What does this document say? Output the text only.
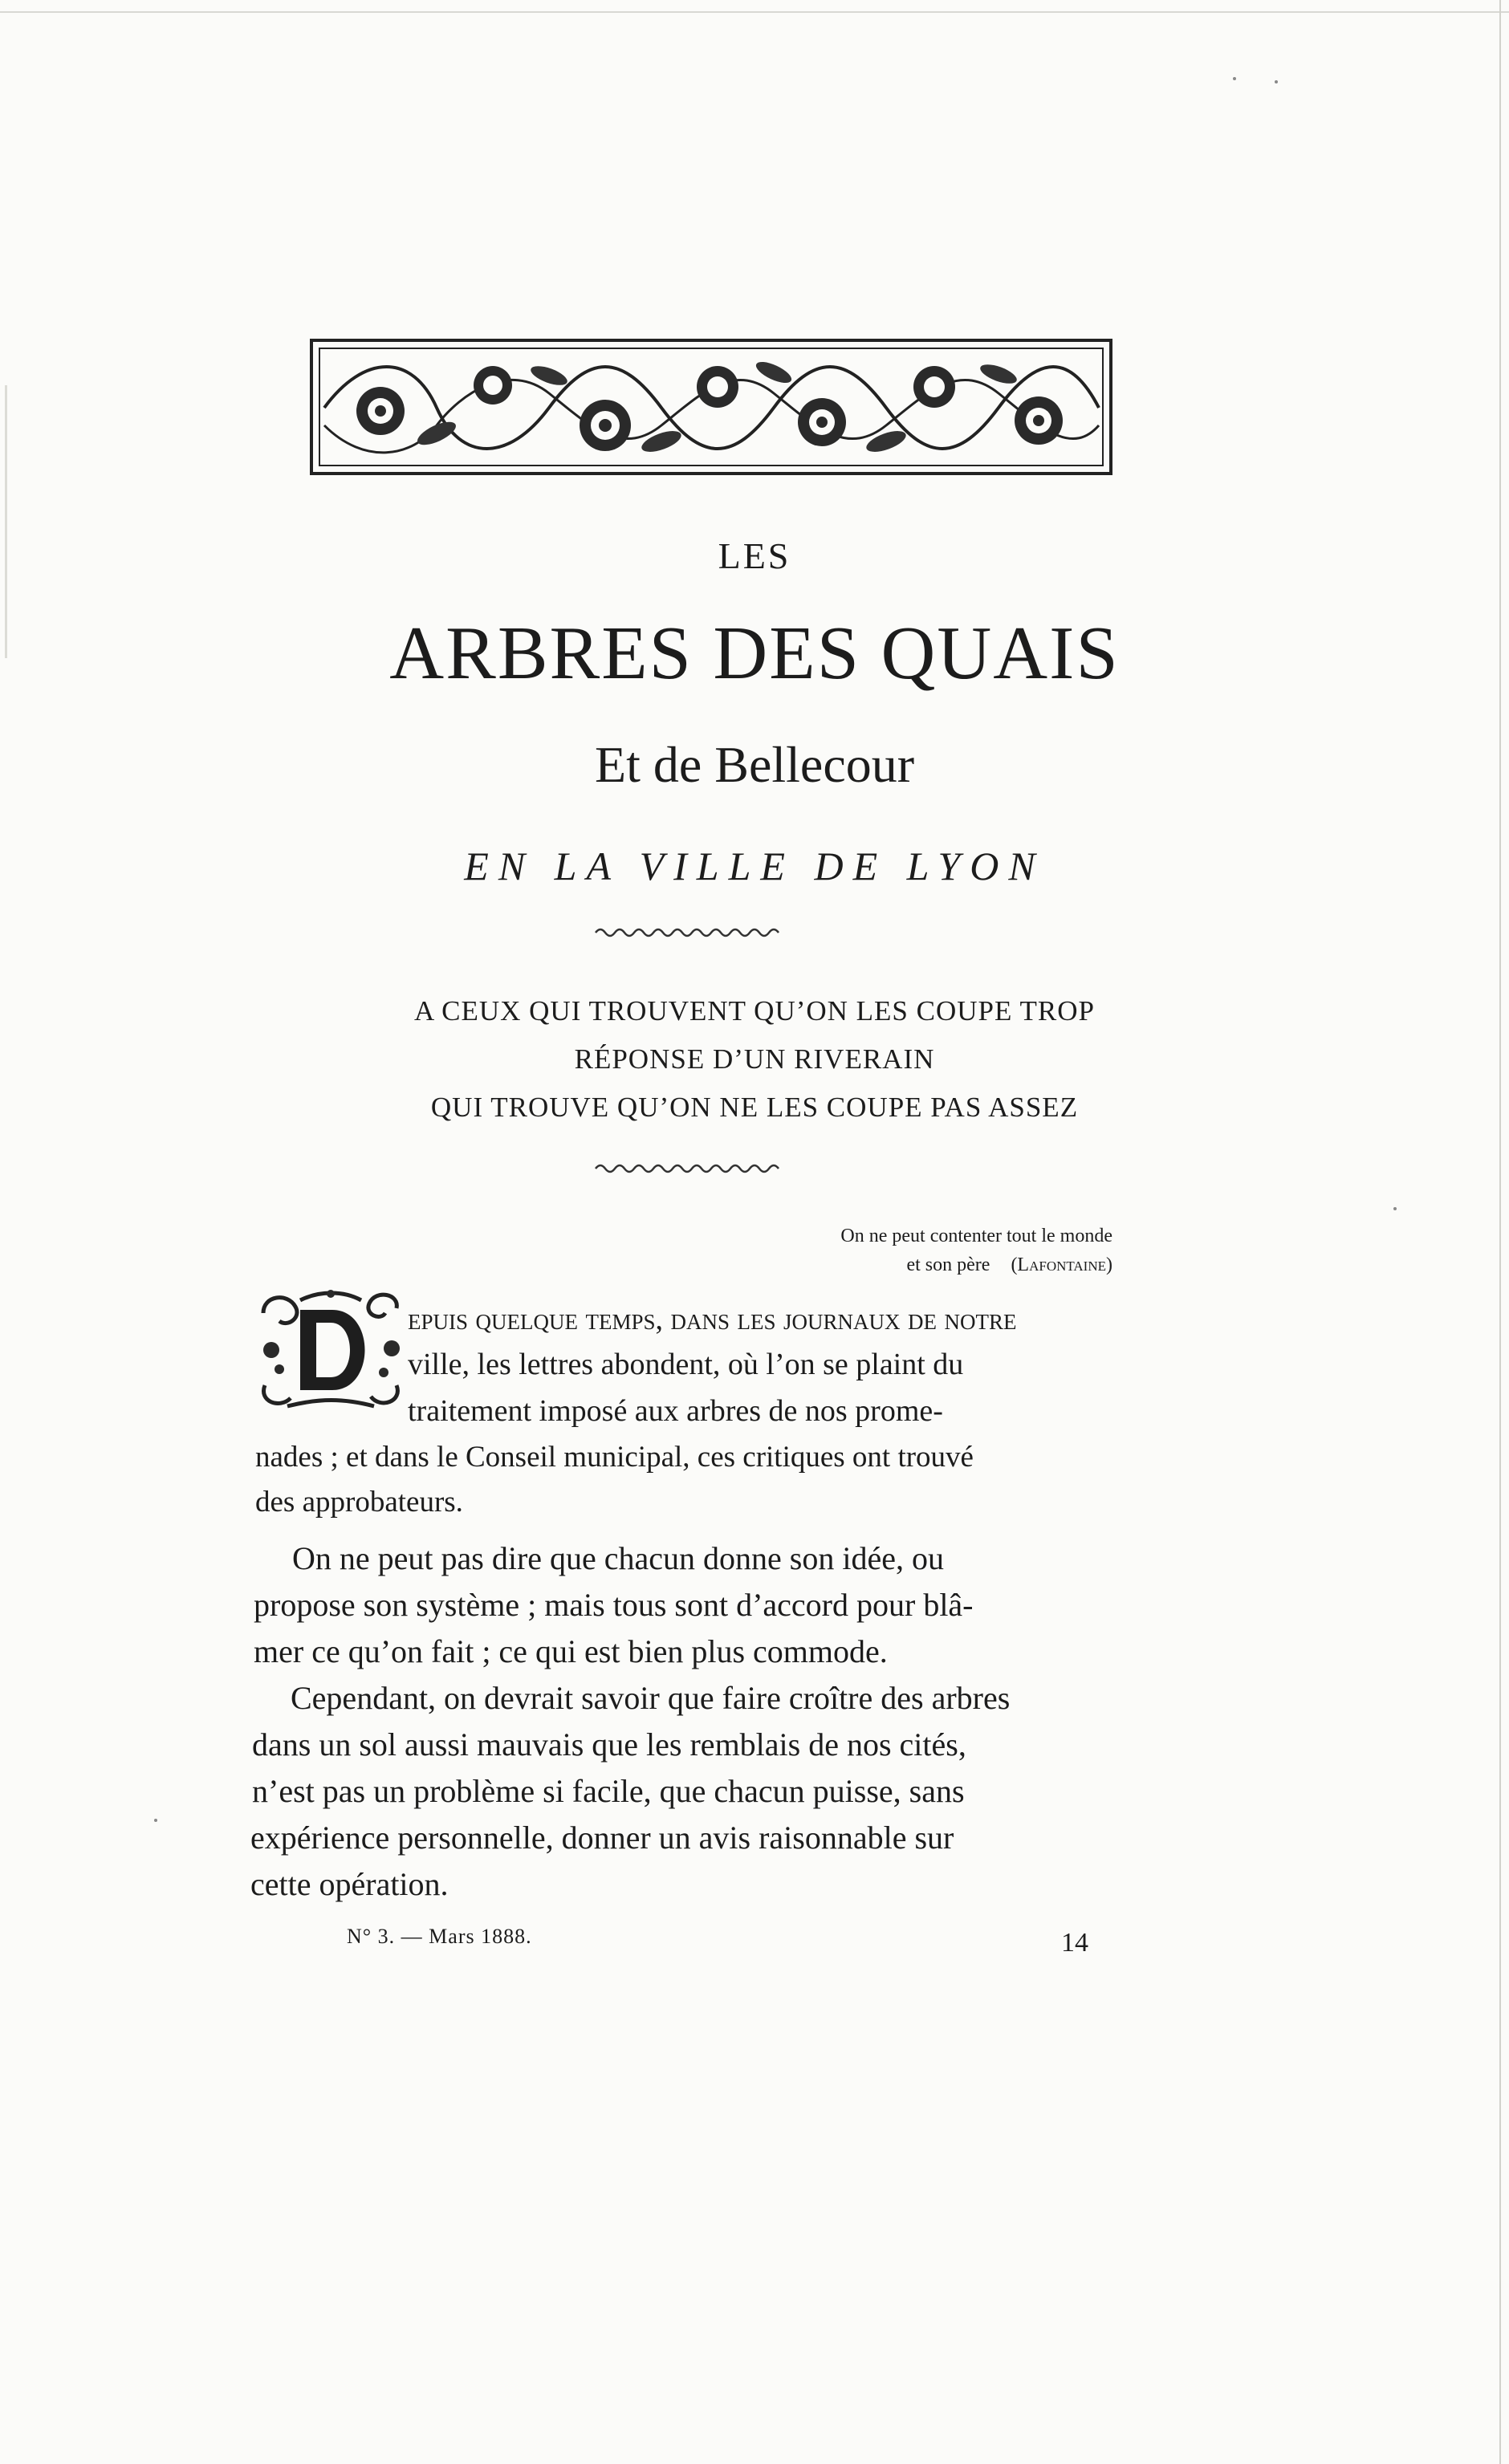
LES
ARBRES DES QUAIS
Et de Bellecour
EN LA VILLE DE LYON
A CEUX QUI TROUVENT QU’ON LES COUPE TROP
RÉPONSE D’UN RIVERAIN
QUI TROUVE QU’ON NE LES COUPE PAS ASSEZ
On ne peut contenter tout le monde
et son père (Lafontaine)
epuis quelque temps, dans les journaux de notre
ville, les lettres abondent, où l’on se plaint du
traitement imposé aux arbres de nos prome-
nades ; et dans le Conseil municipal, ces critiques ont trouvé
des approbateurs.
On ne peut pas dire que chacun donne son idée, ou
propose son système ; mais tous sont d’accord pour blâ-
mer ce qu’on fait ; ce qui est bien plus commode.
Cependant, on devrait savoir que faire croître des arbres
dans un sol aussi mauvais que les remblais de nos cités,
n’est pas un problème si facile, que chacun puisse, sans
expérience personnelle, donner un avis raisonnable sur
cette opération.
N° 3. — Mars 1888.	14
